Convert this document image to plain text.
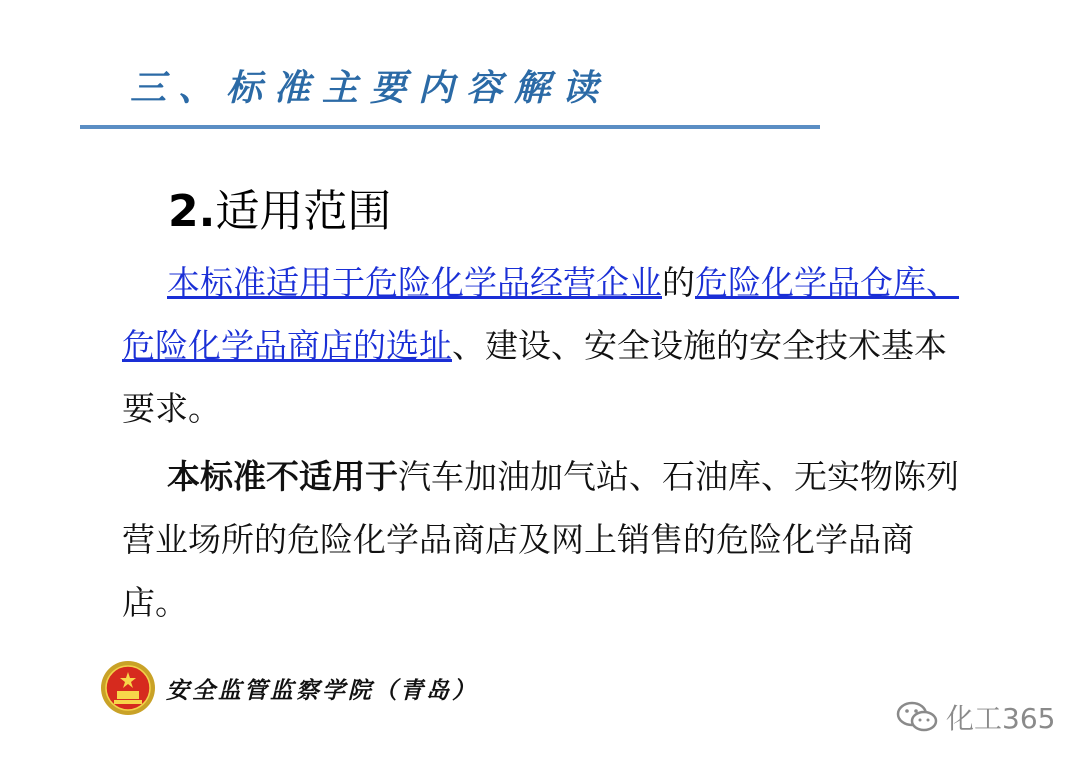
三、标准主要内容解读
2.适用范围
本标准适用于危险化学品经营企业的危险化学品仓库、危险化学品商店的选址、建设、安全设施的安全技术基本要求。
本标准不适用于汽车加油加气站、石油库、无实物陈列营业场所的危险化学品商店及网上销售的危险化学品商店。
安全监管监察学院（青岛）
化工365
